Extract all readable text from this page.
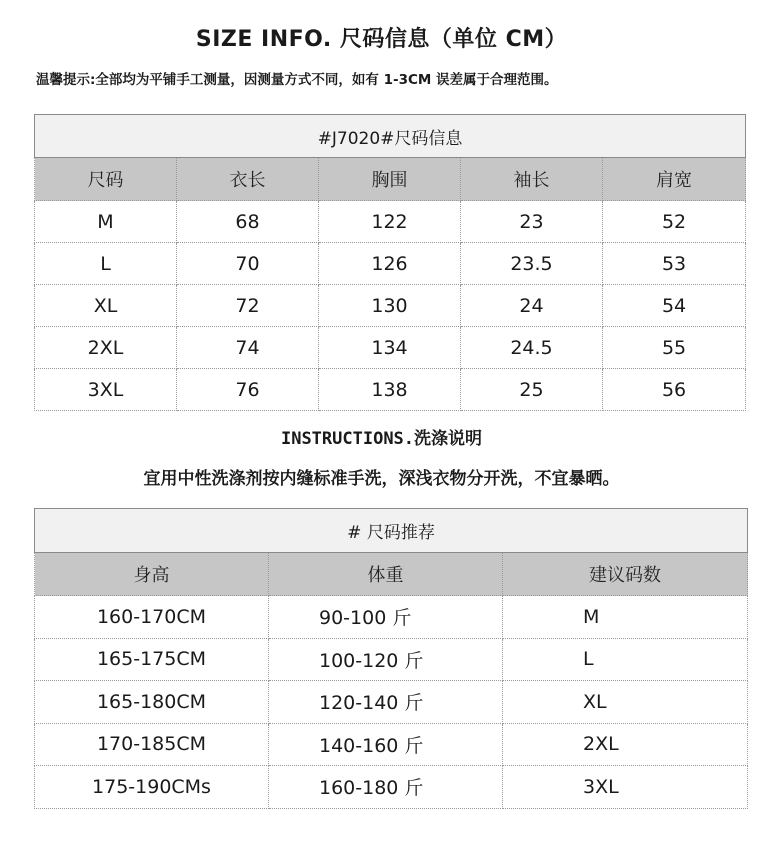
SIZE INFO. 尺码信息（单位 CM）
温馨提示:全部均为平铺手工测量，因测量方式不同，如有 1-3CM 误差属于合理范围。
#J7020#尺码信息				
尺码	衣长	胸围	袖长	肩宽
M	68	122	23	52
L	70	126	23.5	53
XL	72	130	24	54
2XL	74	134	24.5	55
3XL	76	138	25	56
INSTRUCTIONS.洗涤说明
宜用中性洗涤剂按内缝标准手洗，深浅衣物分开洗，不宜暴晒。
# 尺码推荐		
身高	体重	建议码数
160-170CM	90-100 斤	M
165-175CM	100-120 斤	L
165-180CM	120-140 斤	XL
170-185CM	140-160 斤	2XL
175-190CMs	160-180 斤	3XL
